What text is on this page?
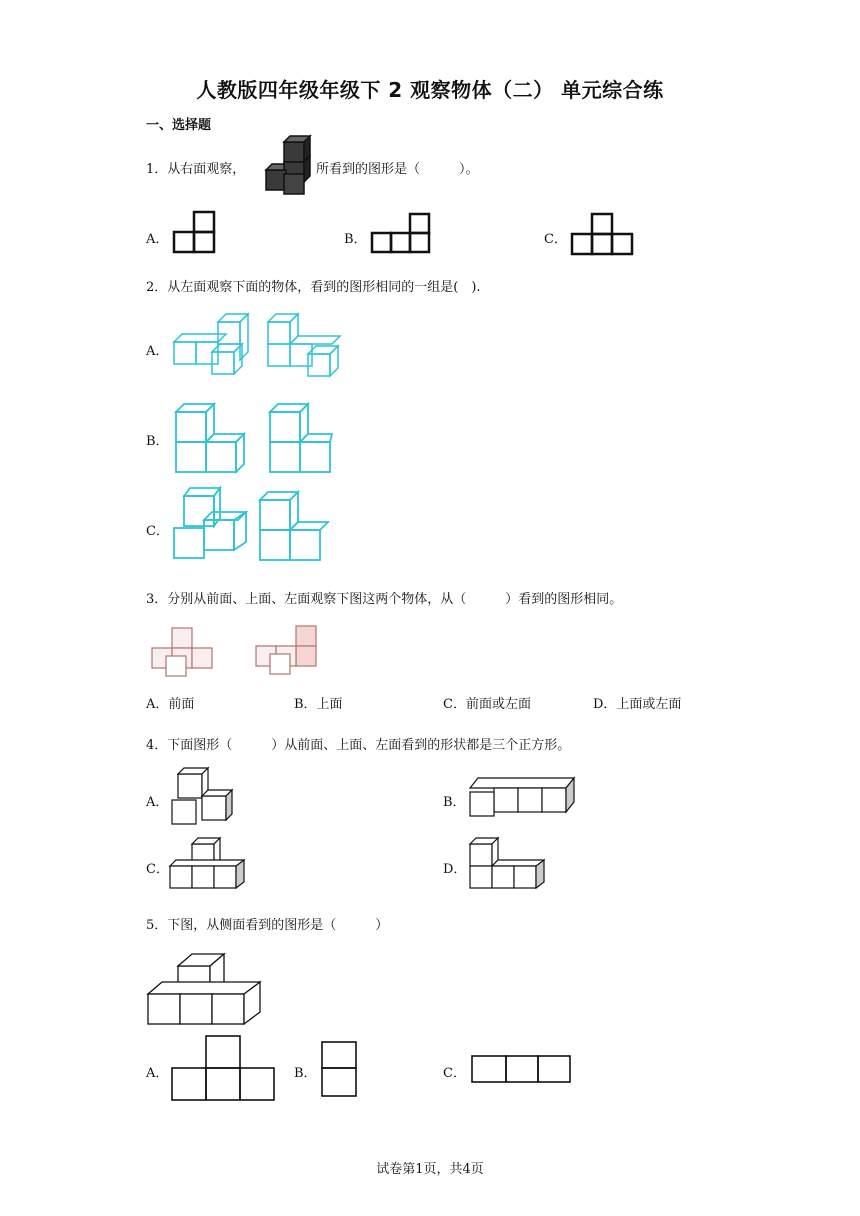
人教版四年级年级下 2 观察物体（二） 单元综合练
一、选择题
1．从右面观察，	所看到的图形是（　　　）。
A．	B．	C．
2．从左面观察下面的物体，看到的图形相同的一组是(　).
A．
B．
C．
3．分别从前面、上面、左面观察下图这两个物体，从（　　　）看到的图形相同。
A．前面	B．上面	C．前面或左面	D．上面或左面
4．下面图形（　　　）从前面、上面、左面看到的形状都是三个正方形。
A．	B．
C．	D．
5．下图，从侧面看到的图形是（　　　）
A．	B．	C．
试卷第1页，共4页
